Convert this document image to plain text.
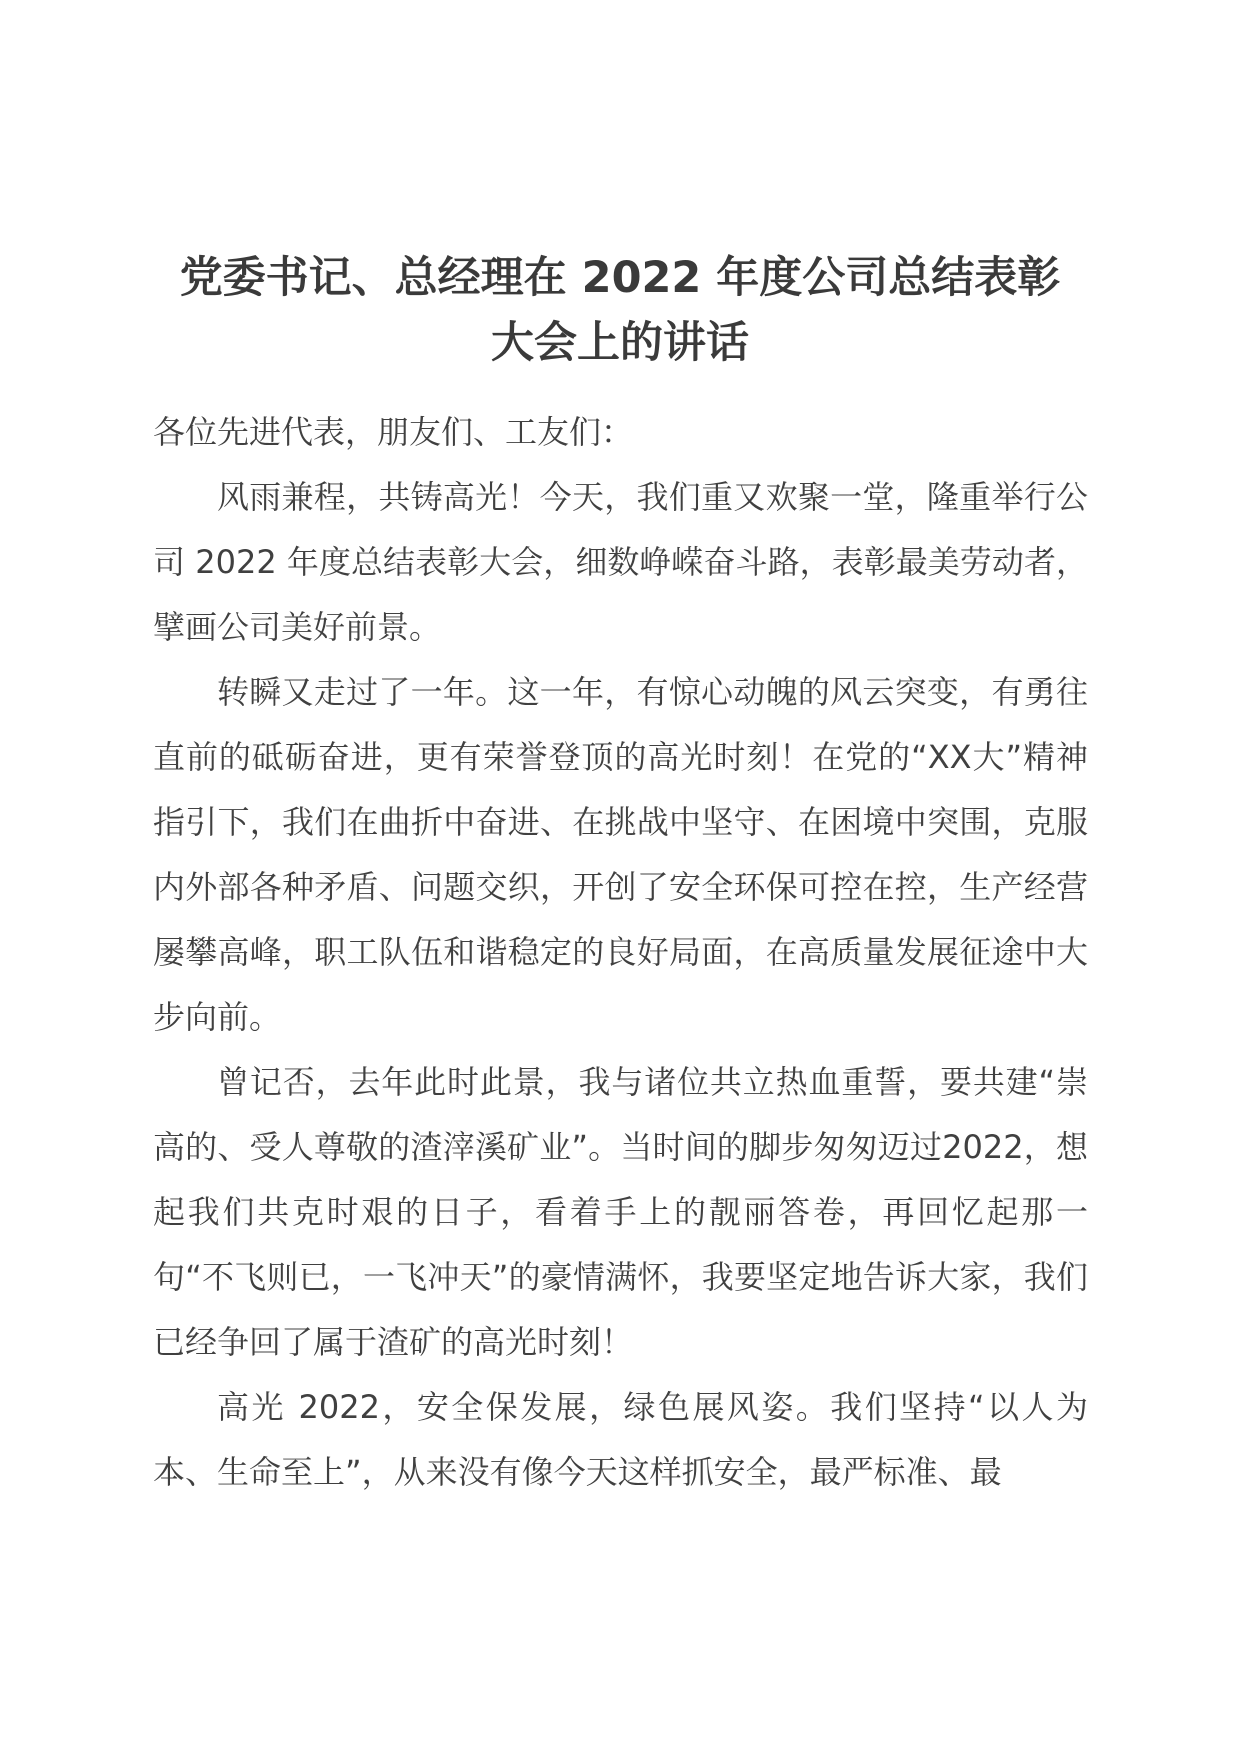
党委书记、总经理在 2022 年度公司总结表彰
大会上的讲话

各位先进代表，朋友们、工友们：

风雨兼程，共铸高光！今天，我们重又欢聚一堂，隆重举行公司 2022 年度总结表彰大会，细数峥嵘奋斗路，表彰最美劳动者，擘画公司美好前景。

转瞬又走过了一年。这一年，有惊心动魄的风云突变，有勇往直前的砥砺奋进，更有荣誉登顶的高光时刻！在党的“XX大”精神指引下，我们在曲折中奋进、在挑战中坚守、在困境中突围，克服内外部各种矛盾、问题交织，开创了安全环保可控在控，生产经营屡攀高峰，职工队伍和谐稳定的良好局面，在高质量发展征途中大步向前。

曾记否，去年此时此景，我与诸位共立热血重誓，要共建“崇高的、受人尊敬的渣滓溪矿业”。当时间的脚步匆匆迈过2022，想起我们共克时艰的日子，看着手上的靓丽答卷，再回忆起那一句“不飞则已，一飞冲天”的豪情满怀，我要坚定地告诉大家，我们已经争回了属于渣矿的高光时刻！

高光 2022，安全保发展，绿色展风姿。我们坚持“以人为本、生命至上”，从来没有像今天这样抓安全，最严标准、最
